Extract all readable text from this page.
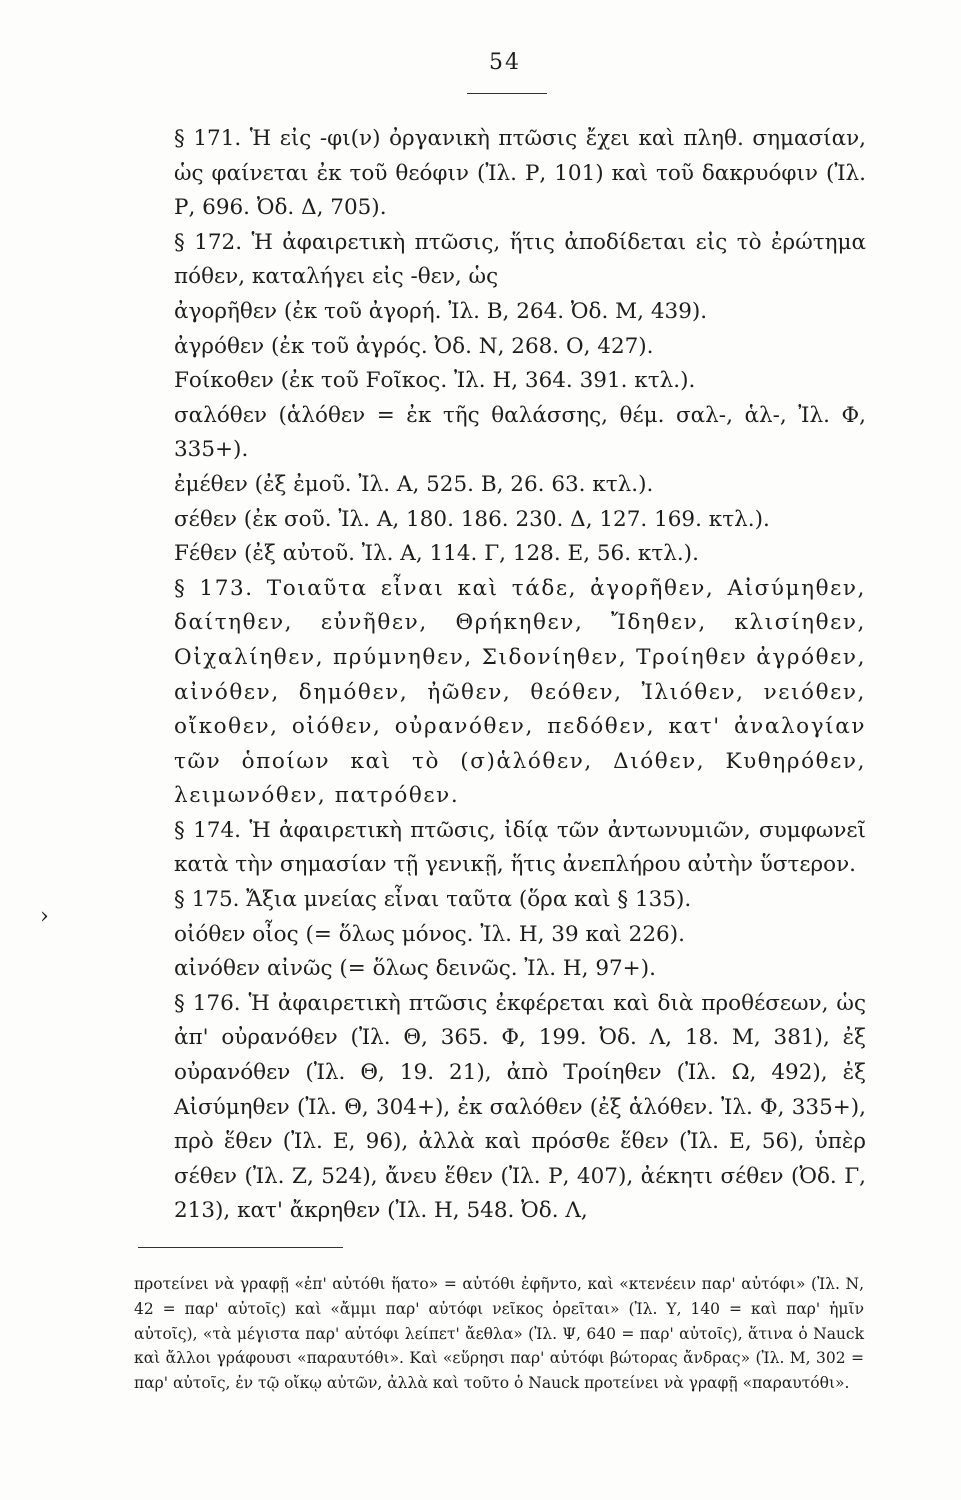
54
›

§ 171. Ἡ εἰς -φι(ν) ὀργανικὴ πτῶσις ἔχει καὶ πληθ. σημασίαν, ὡς φαίνεται ἐκ τοῦ θεόφιν (Ἰλ. Ρ, 101) καὶ τοῦ δακρυόφιν (Ἰλ. Ρ, 696. Ὀδ. Δ, 705).

§ 172. Ἡ ἀφαιρετικὴ πτῶσις, ἥτις ἀποδίδεται εἰς τὸ ἐρώτημα πόθεν, καταλήγει εἰς -θεν, ὡς

ἀγορῆθεν (ἐκ τοῦ ἀγορή. Ἰλ. Β, 264. Ὀδ. Μ, 439).

ἀγρόθεν (ἐκ τοῦ ἀγρός. Ὀδ. Ν, 268. Ο, 427).

Fοίκοθεν (ἐκ τοῦ Fοῖκος. Ἰλ. Η, 364. 391. κτλ.).

σαλόθεν (ἁλόθεν = ἐκ τῆς θαλάσσης, θέμ. σαλ-, ἁλ-, Ἰλ. Φ, 335+).

ἐμέθεν (ἐξ ἐμοῦ. Ἰλ. Α, 525. Β, 26. 63. κτλ.).

σέθεν (ἐκ σοῦ. Ἰλ. Α, 180. 186. 230. Δ, 127. 169. κτλ.).

Fέθεν (ἐξ αὐτοῦ. Ἰλ. Α, 114. Γ, 128. Ε, 56. κτλ.).

§ 173. Τοιαῦτα εἶναι καὶ τάδε, ἀγορῆθεν, Αἰσύμηθεν, δαίτηθεν, εὐνῆθεν, Θρήκηθεν, Ἴδηθεν, κλισίηθεν, Οἰχαλίηθεν, πρύμνηθεν, Σιδονίηθεν, Τροίηθεν ἀγρόθεν, αἰνόθεν, δημόθεν, ἠῶθεν, θεόθεν, Ἰλιόθεν, νειόθεν, οἴκοθεν, οἰόθεν, οὐρανόθεν, πεδόθεν, κατ' ἀναλογίαν τῶν ὁποίων καὶ τὸ (σ)ἁλόθεν, Διόθεν, Κυθηρόθεν, λειμωνόθεν, πατρόθεν.

§ 174. Ἡ ἀφαιρετικὴ πτῶσις, ἰδίᾳ τῶν ἀντωνυμιῶν, συμφωνεῖ κατὰ τὴν σημασίαν τῇ γενικῇ, ἥτις ἀνεπλήρου αὐτὴν ὕστερον.

§ 175. Ἄξια μνείας εἶναι ταῦτα (ὅρα καὶ § 135).

οἰόθεν οἶος (= ὅλως μόνος. Ἰλ. Η, 39 καὶ 226).

αἰνόθεν αἰνῶς (= ὅλως δεινῶς. Ἰλ. Η, 97+).

§ 176. Ἡ ἀφαιρετικὴ πτῶσις ἐκφέρεται καὶ διὰ προθέσεων, ὡς ἀπ' οὐρανόθεν (Ἰλ. Θ, 365. Φ, 199. Ὀδ. Λ, 18. Μ, 381), ἐξ οὐρανόθεν (Ἰλ. Θ, 19. 21), ἀπὸ Τροίηθεν (Ἰλ. Ω, 492), ἐξ Αἰσύμηθεν (Ἰλ. Θ, 304+), ἐκ σαλόθεν (ἐξ ἁλόθεν. Ἰλ. Φ, 335+), πρὸ ἕθεν (Ἰλ. Ε, 96), ἀλλὰ καὶ πρόσθε ἕθεν (Ἰλ. Ε, 56), ὑπὲρ σέθεν (Ἰλ. Ζ, 524), ἄνευ ἕθεν (Ἰλ. Ρ, 407), ἀέκητι σέθεν (Ὀδ. Γ, 213), κατ' ἄκρηθεν (Ἰλ. Η, 548. Ὀδ. Λ,

προτείνει νὰ γραφῇ «ἐπ' αὐτόθι ἥατο» = αὐτόθι ἐφῆντο, καὶ «κτενέειν παρ' αὐτόφι» (Ἰλ. Ν, 42 = παρ' αὐτοῖς) καὶ «ἄμμι παρ' αὐτόφι νεῖκος ὀρεῖται» (Ἰλ. Υ, 140 = καὶ παρ' ἡμῖν αὐτοῖς), «τὰ μέγιστα παρ' αὐτόφι λείπετ' ἄεθλα» (Ἰλ. Ψ, 640 = παρ' αὐτοῖς), ἅτινα ὁ Nauck καὶ ἄλλοι γράφουσι «παραυτόθι». Καὶ «εὕρησι παρ' αὐτόφι βώτορας ἄνδρας» (Ἰλ. Μ, 302 = παρ' αὐτοῖς, ἐν τῷ οἴκῳ αὐτῶν, ἀλλὰ καὶ τοῦτο ὁ Nauck προτείνει νὰ γραφῇ «παραυτόθι».
